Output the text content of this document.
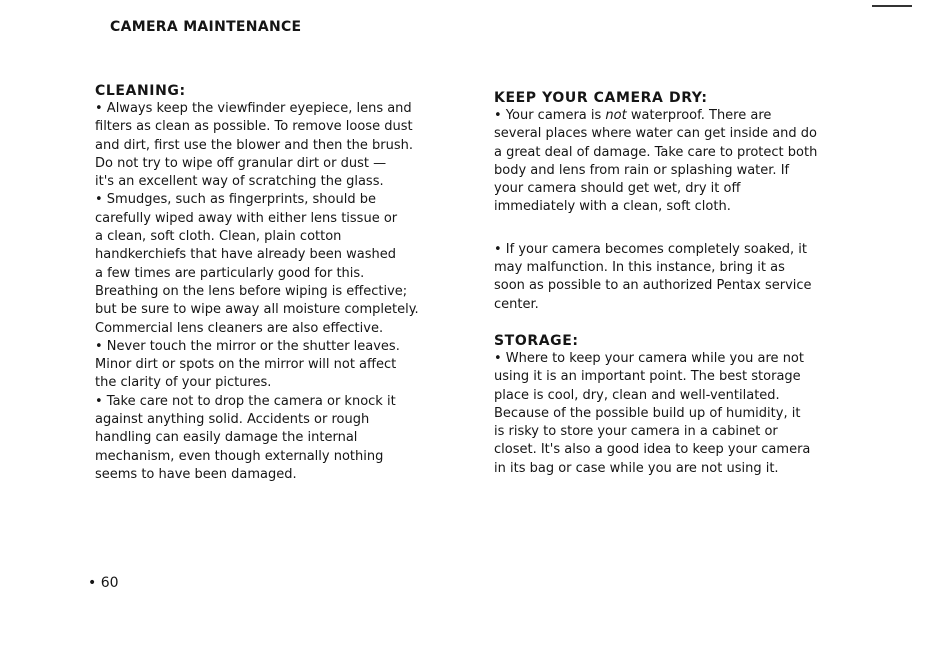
CAMERA MAINTENANCE
CLEANING:

• Always keep the viewfinder eyepiece, lens and
filters as clean as possible. To remove loose dust
and dirt, first use the blower and then the brush.
Do not try to wipe off granular dirt or dust —
it's an excellent way of scratching the glass.

• Smudges, such as fingerprints, should be
carefully wiped away with either lens tissue or
a clean, soft cloth. Clean, plain cotton
handkerchiefs that have already been washed
a few times are particularly good for this.
Breathing on the lens before wiping is effective;
but be sure to wipe away all moisture completely.
Commercial lens cleaners are also effective.

• Never touch the mirror or the shutter leaves.
Minor dirt or spots on the mirror will not affect
the clarity of your pictures.

• Take care not to drop the camera or knock it
against anything solid. Accidents or rough
handling can easily damage the internal
mechanism, even though externally nothing
seems to have been damaged.

KEEP YOUR CAMERA DRY:

• Your camera is not waterproof. There are
several places where water can get inside and do
a great deal of damage. Take care to protect both
body and lens from rain or splashing water. If
your camera should get wet, dry it off
immediately with a clean, soft cloth.

• If your camera becomes completely soaked, it
may malfunction. In this instance, bring it as
soon as possible to an authorized Pentax service
center.

STORAGE:

• Where to keep your camera while you are not
using it is an important point. The best storage
place is cool, dry, clean and well-ventilated.
Because of the possible build up of humidity, it
is risky to store your camera in a cabinet or
closet. It's also a good idea to keep your camera
in its bag or case while you are not using it.

• 60
